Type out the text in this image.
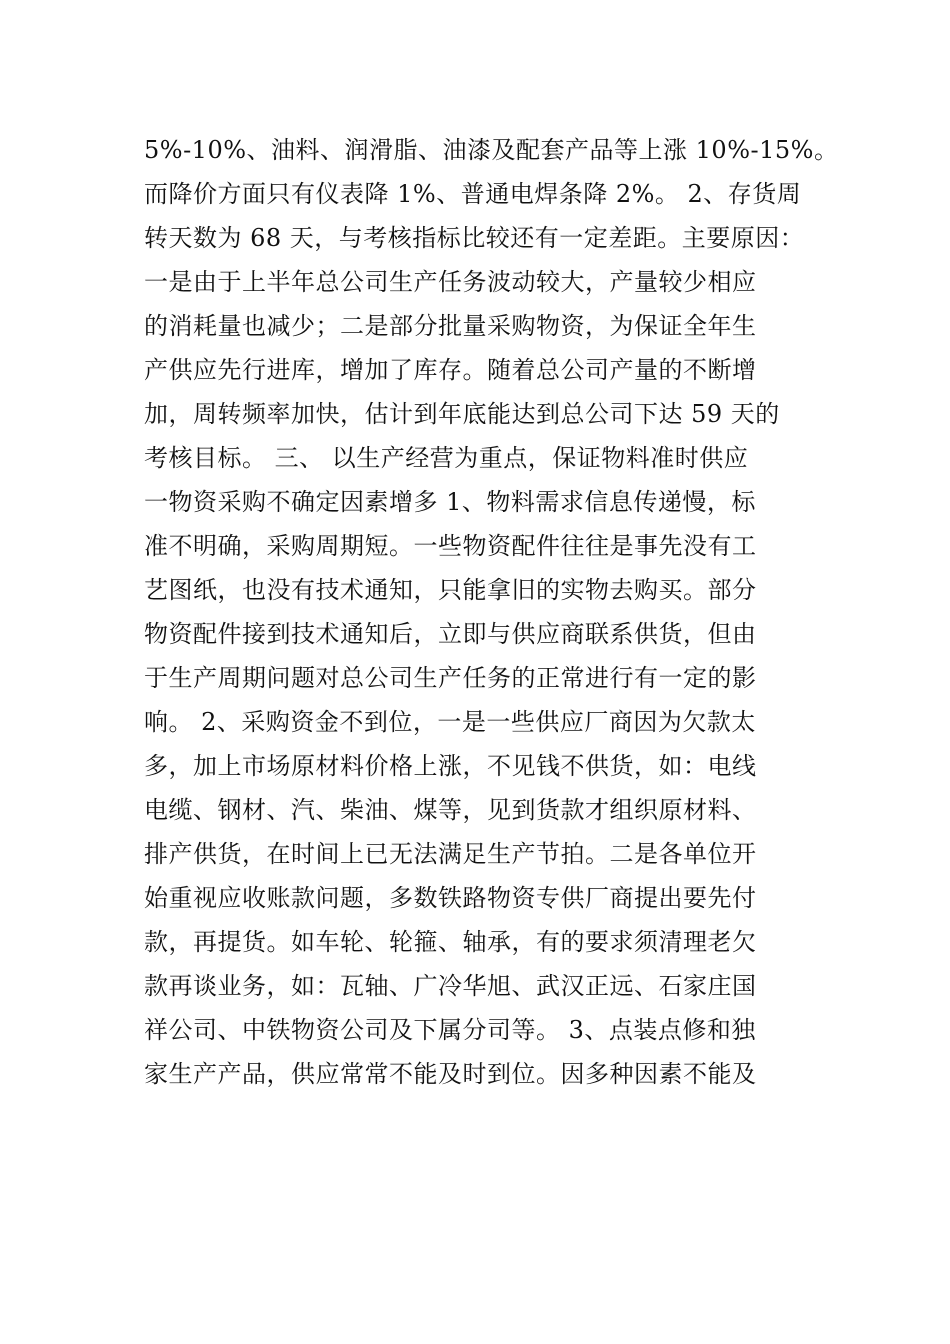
5%-10%、油料、润滑脂、油漆及配套产品等上涨 10%-15%。
而降价方面只有仪表降 1%、普通电焊条降 2%。 2、存货周
转天数为 68 天，与考核指标比较还有一定差距。主要原因：
一是由于上半年总公司生产任务波动较大，产量较少相应
的消耗量也减少；二是部分批量采购物资，为保证全年生
产供应先行进库，增加了库存。随着总公司产量的不断增
加，周转频率加快，估计到年底能达到总公司下达 59 天的
考核目标。 三、 以生产经营为重点，保证物料准时供应
一物资采购不确定因素增多 1、物料需求信息传递慢，标
准不明确，采购周期短。一些物资配件往往是事先没有工
艺图纸，也没有技术通知，只能拿旧的实物去购买。部分
物资配件接到技术通知后，立即与供应商联系供货，但由
于生产周期问题对总公司生产任务的正常进行有一定的影
响。 2、采购资金不到位，一是一些供应厂商因为欠款太
多，加上市场原材料价格上涨，不见钱不供货，如：电线
电缆、钢材、汽、柴油、煤等，见到货款才组织原材料、
排产供货，在时间上已无法满足生产节拍。二是各单位开
始重视应收账款问题，多数铁路物资专供厂商提出要先付
款，再提货。如车轮、轮箍、轴承，有的要求须清理老欠
款再谈业务，如：瓦轴、广冷华旭、武汉正远、石家庄国
祥公司、中铁物资公司及下属分司等。 3、点装点修和独
家生产产品，供应常常不能及时到位。因多种因素不能及
